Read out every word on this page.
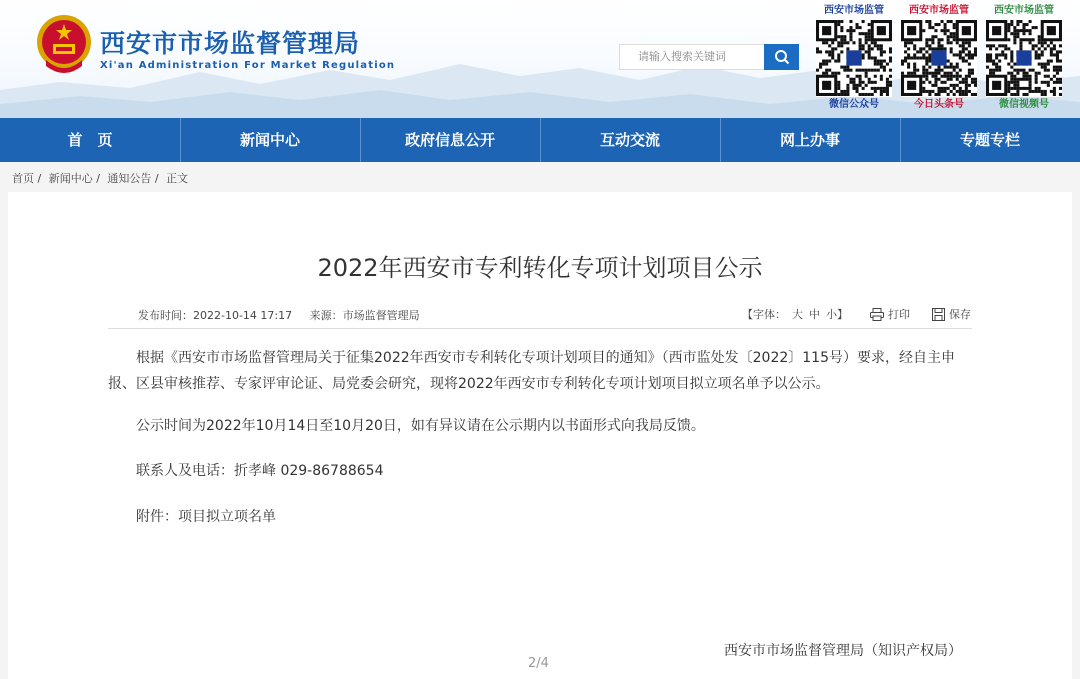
西安市市场监督管理局
Xi'an Administration For Market Regulation
请输入搜索关键词
西安市场监管
微信公众号
西安市场监管
今日头条号
西安市场监管
微信视频号
首　页	新闻中心	政府信息公开	互动交流	网上办事	专题专栏
首页 / 新闻中心 / 通知公告 / 正文
2022年西安市专利转化专项计划项目公示
发布时间：2022-10-14 17:17 来源：市场监督管理局	【字体： 大 中 小】	打印	保存
根据《西安市市场监督管理局关于征集2022年西安市专利转化专项计划项目的通知》（西市监处发〔2022〕115号）要求，经自主申报、区县审核推荐、专家评审论证、局党委会研究，现将2022年西安市专利转化专项计划项目拟立项名单予以公示。
公示时间为2022年10月14日至10月20日，如有异议请在公示期内以书面形式向我局反馈。
联系人及电话：折孝峰 029-86788654
附件：项目拟立项名单
西安市市场监督管理局（知识产权局）
2/4
